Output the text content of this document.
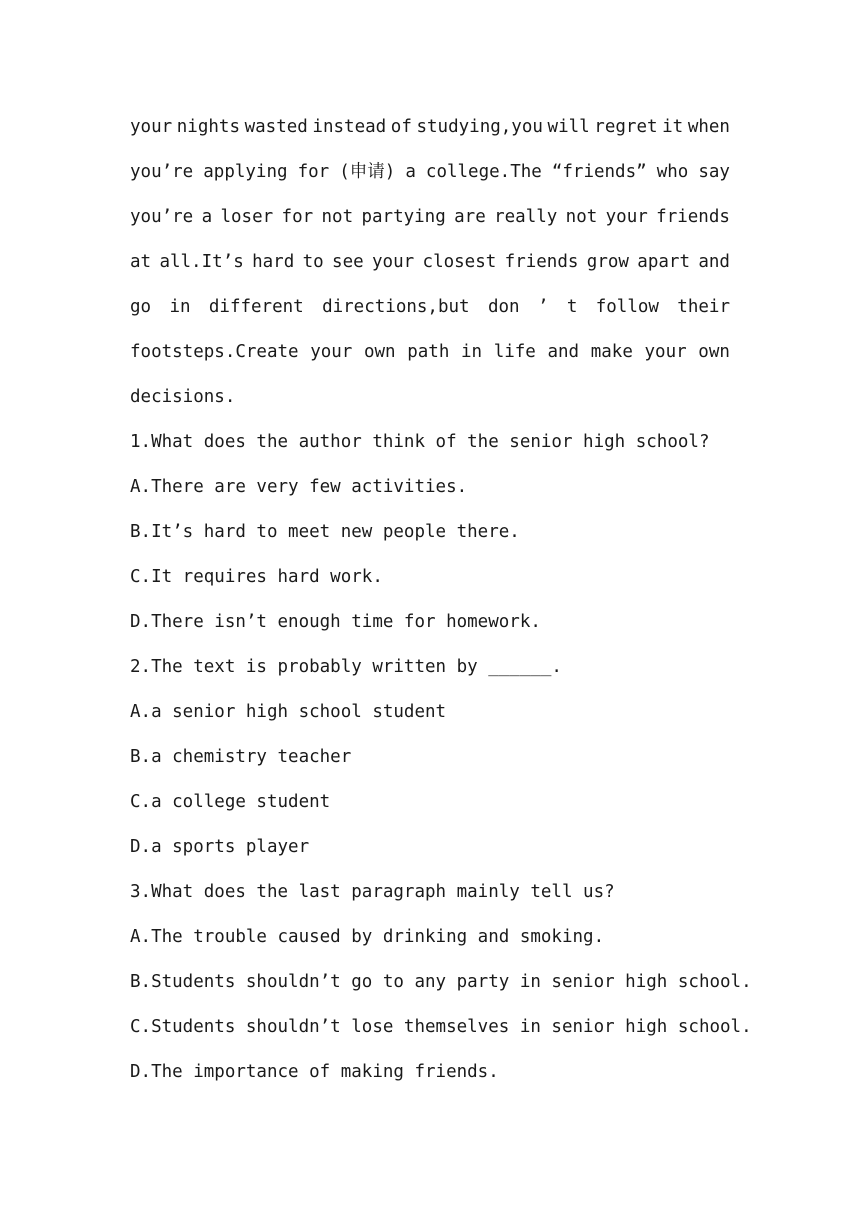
your nights wasted instead of studying,you will regret it when
you’re applying for (申请) a college.The “friends” who say
you’re a loser for not partying are really not your friends
at all.It’s hard to see your closest friends grow apart and
go in different directions,but don ’ t follow their
footsteps.Create your own path in life and make your own
decisions.
1.What does the author think of the senior high school?
A.There are very few activities.
B.It’s hard to meet new people there.
C.It requires hard work.
D.There isn’t enough time for homework.
2.The text is probably written by ______.
A.a senior high school student
B.a chemistry teacher
C.a college student
D.a sports player
3.What does the last paragraph mainly tell us?
A.The trouble caused by drinking and smoking.
B.Students shouldn’t go to any party in senior high school.
C.Students shouldn’t lose themselves in senior high school.
D.The importance of making friends.
